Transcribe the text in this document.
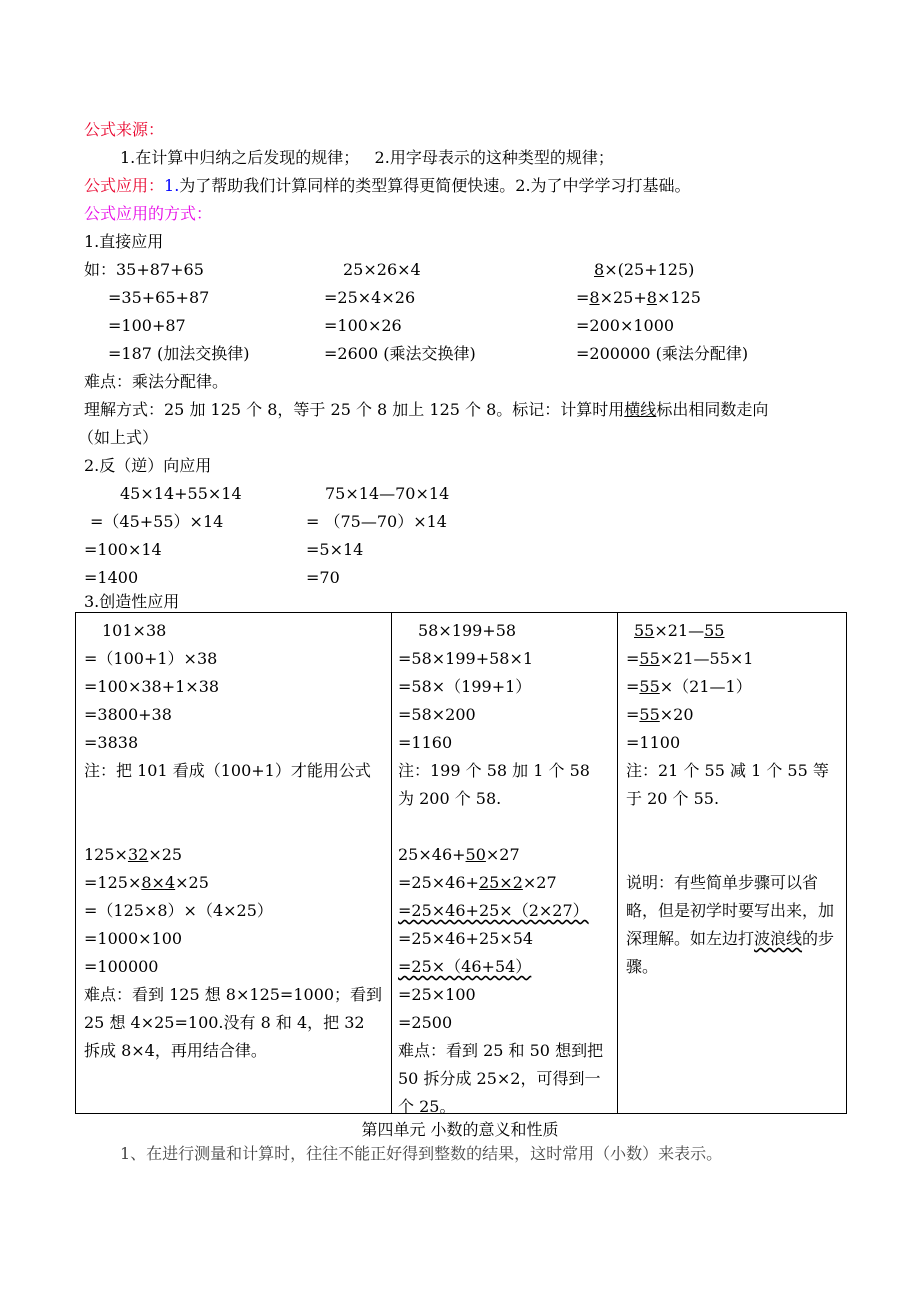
公式来源：
1.在计算中归纳之后发现的规律； 2.用字母表示的这种类型的规律；
公式应用：1.为了帮助我们计算同样的类型算得更简便快速。2.为了中学学习打基础。
公式应用的方式：
1.直接应用
如：35+87+65
=35+65+87
=100+87
=187 (加法交换律)
25×26×4
=25×4×26
=100×26
=2600 (乘法交换律)
8×(25+125)
=8×25+8×125
=200×1000
=200000 (乘法分配律)
难点：乘法分配律。
理解方式：25 加 125 个 8，等于 25 个 8 加上 125 个 8。标记：计算时用横线标出相同数走向
（如上式）
2.反（逆）向应用
45×14+55×14
=（45+55）×14
=100×14
=1400
75×14—70×14
= （75—70）×14
=5×14
=70
3.创造性应用
101×38
=（100+1）×38
=100×38+1×38
=3800+38
=3838
注：把 101 看成（100+1）才能用公式
125×32×25
=125×8×4×25
=（125×8）×（4×25）
=1000×100
=100000
难点：看到 125 想 8×125=1000；看到 25 想 4×25=100.没有 8 和 4，把 32 拆成 8×4，再用结合律。

58×199+58
=58×199+58×1
=58×（199+1）
=58×200
=1160
注：199 个 58 加 1 个 58 为 200 个 58.
25×46+50×27
=25×46+25×2×27
=25×46+25×（2×27）
=25×46+25×54
=25×（46+54）
=25×100
=2500
难点：看到 25 和 50 想到把 50 拆分成 25×2，可得到一个 25。

55×21—55
=55×21—55×1
=55×（21—1）
=55×20
=1100
注：21 个 55 减 1 个 55 等于 20 个 55.
说明：有些简单步骤可以省略，但是初学时要写出来，加深理解。如左边打波浪线的步骤。
第四单元 小数的意义和性质
1、在进行测量和计算时，往往不能正好得到整数的结果，这时常用（小数）来表示。
